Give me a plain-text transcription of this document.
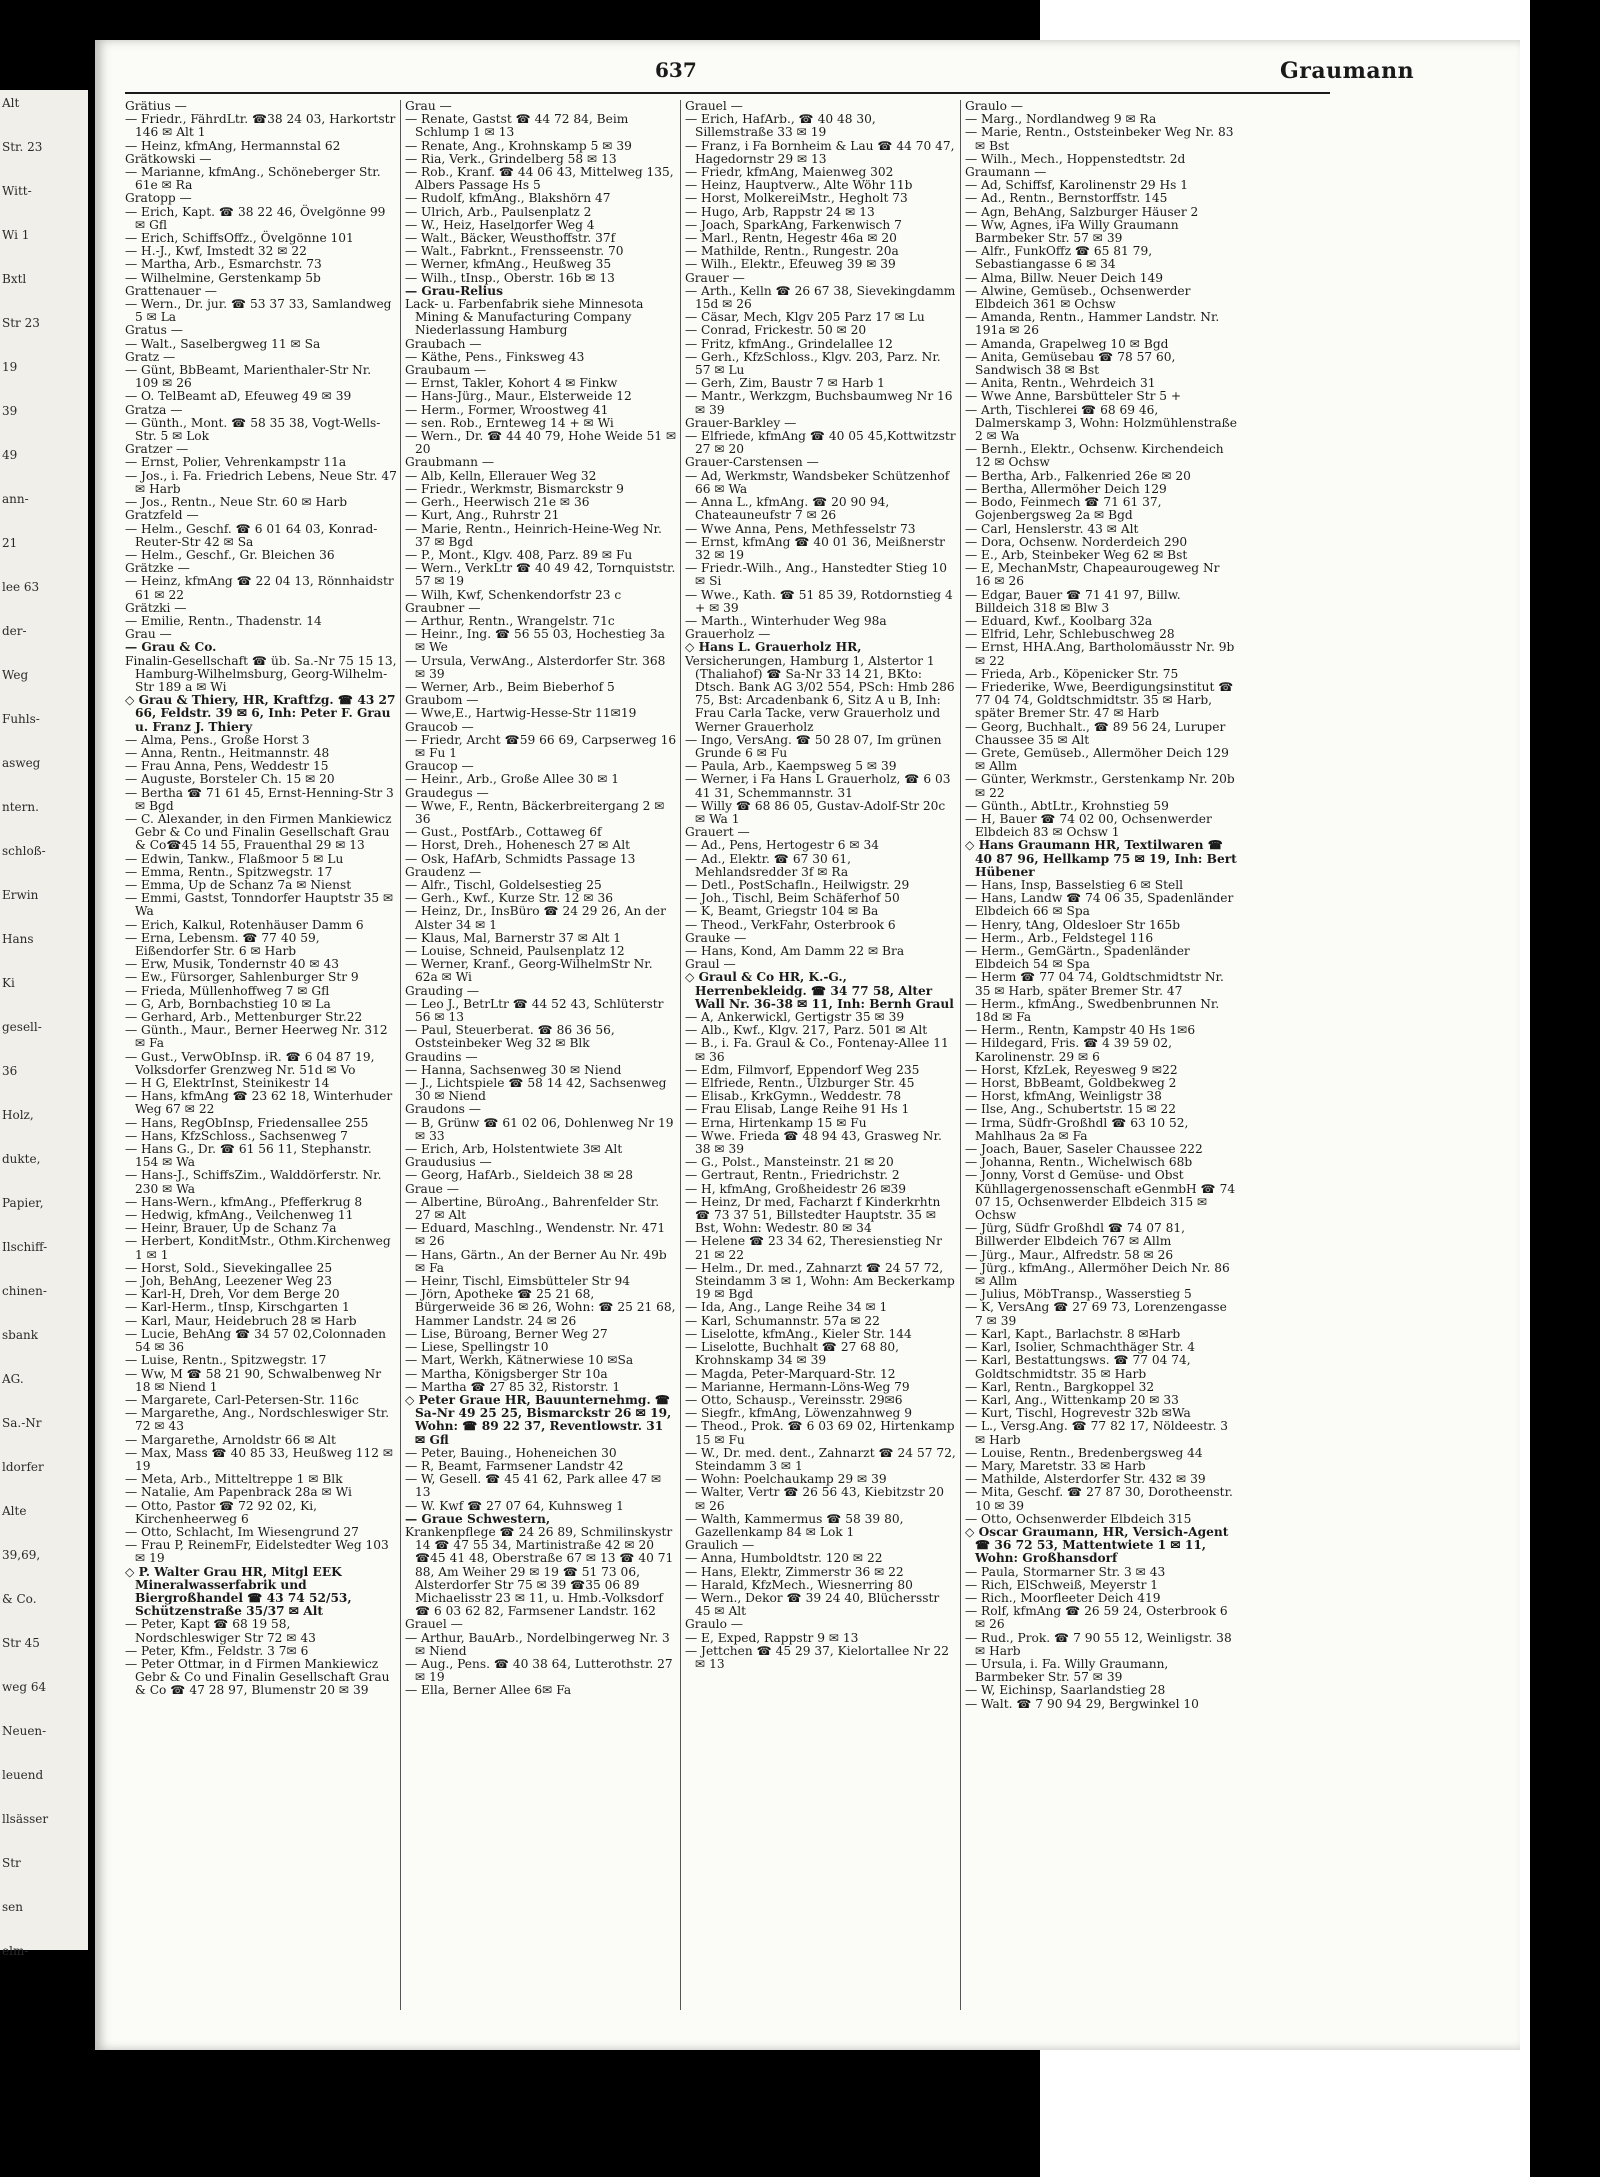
Alt
Str. 23
Witt-
Wi 1
Bxtl
Str 23
19
39
49
ann-
21
lee 63
der-
Weg
Fuhls-
asweg
ntern.
schloß-
Erwin
Hans
Ki
gesell-
36
Holz,
dukte,
Papier,
Ilschiff-
chinen-
sbank
AG.
Sa.-Nr
ldorfer
Alte
39,69,
& Co.
Str 45
weg 64
Neuen-
leuend
llsässer
Str
sen
elm-
637	Graumann

Grätius —

— Friedr., FährdLtr. ☎38 24 03, Harkortstr 146 ✉ Alt 1

— Heinz, kfmAng, Hermannstal 62

Grätkowski —

— Marianne, kfmAng., Schöneberger Str. 61e ✉ Ra

Gratopp —

— Erich, Kapt. ☎ 38 22 46, Övelgönne 99 ✉ Gfl

— Erich, SchiffsOffz., Övelgönne 101

— H.-J., Kwf, Imstedt 32 ✉ 22

— Martha, Arb., Esmarchstr. 73

— Wilhelmine, Gerstenkamp 5b

Grattenauer —

— Wern., Dr. jur. ☎ 53 37 33, Samlandweg 5 ✉ La

Gratus —

— Walt., Saselbergweg 11 ✉ Sa

Gratz —

— Günt, BbBeamt, Marienthaler-Str Nr. 109 ✉ 26

— O. TelBeamt aD, Efeuweg 49 ✉ 39

Gratza —

— Günth., Mont. ☎ 58 35 38, Vogt-Wells-Str. 5 ✉ Lok

Gratzer —

— Ernst, Polier, Vehrenkampstr 11a

— Jos., i. Fa. Friedrich Lebens, Neue Str. 47 ✉ Harb

— Jos., Rentn., Neue Str. 60 ✉ Harb

Gratzfeld —

— Helm., Geschf. ☎ 6 01 64 03, Konrad-Reuter-Str 42 ✉ Sa

— Helm., Geschf., Gr. Bleichen 36

Grätzke —

— Heinz, kfmAng ☎ 22 04 13, Rönnhaidstr 61 ✉ 22

Grätzki —

— Emilie, Rentn., Thadenstr. 14

Grau —

— Grau & Co.

Finalin-Gesellschaft ☎ üb. Sa.-Nr 75 15 13, Hamburg-Wilhelmsburg, Georg-Wilhelm-Str 189 a ✉ Wi

◇ Grau & Thiery, HR, Kraftfzg. ☎ 43 27 66, Feldstr. 39 ✉ 6, Inh: Peter F. Grau u. Franz J. Thiery

— Alma, Pens., Große Horst 3

— Anna, Rentn., Heitmannstr. 48

— Frau Anna, Pens, Weddestr 15

— Auguste, Borsteler Ch. 15 ✉ 20

— Bertha ☎ 71 61 45, Ernst-Henning-Str 3 ✉ Bgd

— C. Alexander, in den Firmen Mankiewicz Gebr & Co und Finalin Gesellschaft Grau & Co☎45 14 55, Frauenthal 29 ✉ 13

— Edwin, Tankw., Flaßmoor 5 ✉ Lu

— Emma, Rentn., Spitzwegstr. 17

— Emma, Up de Schanz 7a ✉ Nienst

— Emmi, Gastst, Tonndorfer Hauptstr 35 ✉ Wa

— Erich, Kalkul, Rotenhäuser Damm 6

— Erna, Lebensm. ☎ 77 40 59, Eißendorfer Str. 6 ✉ Harb

— Erw, Musik, Tondernstr 40 ✉ 43

— Ew., Fürsorger, Sahlenburger Str 9

— Frieda, Müllenhoffweg 7 ✉ Gfl

— G, Arb, Bornbachstieg 10 ✉ La

— Gerhard, Arb., Mettenburger Str.22

— Günth., Maur., Berner Heerweg Nr. 312 ✉ Fa

— Gust., VerwObInsp. iR. ☎ 6 04 87 19, Volksdorfer Grenzweg Nr. 51d ✉ Vo

— H G, ElektrInst, Steinikestr 14

— Hans, kfmAng ☎ 23 62 18, Winterhuder Weg 67 ✉ 22

— Hans, RegObInsp, Friedensallee 255

— Hans, KfzSchloss., Sachsenweg 7

— Hans G., Dr. ☎ 61 56 11, Stephanstr. 154 ✉ Wa

— Hans-J., SchiffsZim., Walddörferstr. Nr. 230 ✉ Wa

— Hans-Wern., kfmAng., Pfefferkrug 8

— Hedwig, kfmAng., Veilchenweg 11

— Heinr, Brauer, Up de Schanz 7a

— Herbert, KonditMstr., Othm.Kirchenweg 1 ✉ 1

— Horst, Sold., Sievekingallee 25

— Joh, BehAng, Leezener Weg 23

— Karl-H, Dreh, Vor dem Berge 20

— Karl-Herm., tInsp, Kirschgarten 1

— Karl, Maur, Heidebruch 28 ✉ Harb

— Lucie, BehAng ☎ 34 57 02,Colonnaden 54 ✉ 36

— Luise, Rentn., Spitzwegstr. 17

— Ww, M ☎ 58 21 90, Schwalbenweg Nr 18 ✉ Niend 1

— Margarete, Carl-Petersen-Str. 116c

— Margarethe, Ang., Nordschleswiger Str. 72 ✉ 43

— Margarethe, Arnoldstr 66 ✉ Alt

— Max, Mass ☎ 40 85 33, Heußweg 112 ✉ 19

— Meta, Arb., Mitteltreppe 1 ✉ Blk

— Natalie, Am Papenbrack 28a ✉ Wi

— Otto, Pastor ☎ 72 92 02, Ki, Kirchenheerweg 6

— Otto, Schlacht, Im Wiesengrund 27

— Frau P, ReinemFr, Eidelstedter Weg 103 ✉ 19

◇ P. Walter Grau HR, Mitgl EEK Mineralwasserfabrik und Biergroßhandel ☎ 43 74 52/53, Schützenstraße 35/37 ✉ Alt

— Peter, Kapt ☎ 68 19 58, Nordschleswiger Str 72 ✉ 43

— Peter, Kfm., Feldstr. 3 7✉ 6

— Peter Ottmar, in d Firmen Mankiewicz Gebr & Co und Finalin Gesellschaft Grau & Co ☎ 47 28 97, Blumenstr 20 ✉ 39

Grau —

— Renate, Gastst ☎ 44 72 84, Beim Schlump 1 ✉ 13

— Renate, Ang., Krohnskamp 5 ✉ 39

— Ria, Verk., Grindelberg 58 ✉ 13

— Rob., Kranf. ☎ 44 06 43, Mittelweg 135, Albers Passage Hs 5

— Rudolf, kfmAng., Blakshörn 47

— Ulrich, Arb., Paulsenplatz 2

— W., Heiz, Haselдorfer Weg 4

— Walt., Bäcker, Weusthoffstr. 37f

— Walt., Fabrknt., Frensseenstr. 70

— Werner, kfmAng., Heußweg 35

— Wilh., tInsp., Oberstr. 16b ✉ 13

— Grau-Relius

Lack- u. Farbenfabrik siehe Minnesota Mining & Manufacturing Company Niederlassung Hamburg

Graubach —

— Käthe, Pens., Finksweg 43

Graubaum —

— Ernst, Takler, Kohort 4 ✉ Finkw

— Hans-Jürg., Maur., Elsterweide 12

— Herm., Former, Wroostweg 41

— sen. Rob., Ernteweg 14 + ✉ Wi

— Wern., Dr. ☎ 44 40 79, Hohe Weide 51 ✉ 20

Graubmann —

— Alb, Kelln, Ellerauer Weg 32

— Friedr., Werkmstr, Bismarckstr 9

— Gerh., Heerwisch 21e ✉ 36

— Kurt, Ang., Ruhrstr 21

— Marie, Rentn., Heinrich-Heine-Weg Nr. 37 ✉ Bgd

— P., Mont., Klgv. 408, Parz. 89 ✉ Fu

— Wern., VerkLtr ☎ 40 49 42, Tornquiststr. 57 ✉ 19

— Wilh, Kwf, Schenkendorfstr 23 c

Graubner —

— Arthur, Rentn., Wrangelstr. 71c

— Heinr., Ing. ☎ 56 55 03, Hochestieg 3a ✉ We

— Ursula, VerwAng., Alsterdorfer Str. 368 ✉ 39

— Werner, Arb., Beim Bieberhof 5

Graubom —

— Wwe,E., Hartwig-Hesse-Str 11✉19

Graucob —

— Friedr, Archt ☎59 66 69, Carpserweg 16 ✉ Fu 1

Graucop —

— Heinr., Arb., Große Allee 30 ✉ 1

Graudegus —

— Wwe, F., Rentn, Bäckerbreitergang 2 ✉ 36

— Gust., PostfArb., Cottaweg 6f

— Horst, Dreh., Hohenesch 27 ✉ Alt

— Osk, HafArb, Schmidts Passage 13

Graudenz —

— Alfr., Tischl, Goldelsestieg 25

— Gerh., Kwf., Kurze Str. 12 ✉ 36

— Heinz, Dr., InsBüro ☎ 24 29 26, An der Alster 34 ✉ 1

— Klaus, Mal, Barnerstr 37 ✉ Alt 1

— Louise, Schneid, Paulsenplatz 12

— Werner, Kranf., Georg-WilhelmStr Nr. 62a ✉ Wi

Grauding —

— Leo J., BetrLtr ☎ 44 52 43, Schlüterstr 56 ✉ 13

— Paul, Steuerberat. ☎ 86 36 56, Oststeinbeker Weg 32 ✉ Blk

Graudins —

— Hanna, Sachsenweg 30 ✉ Niend

— J., Lichtspiele ☎ 58 14 42, Sachsenweg 30 ✉ Niend

Graudons —

— B, Grünw ☎ 61 02 06, Dohlenweg Nr 19 ✉ 33

— Erich, Arb, Holstentwiete 3✉ Alt

Graudusius —

— Georg, HafArb., Sieldeich 38 ✉ 28

Graue —

— Albertine, BüroAng., Bahrenfelder Str. 27 ✉ Alt

— Eduard, Maschlng., Wendenstr. Nr. 471 ✉ 26

— Hans, Gärtn., An der Berner Au Nr. 49b ✉ Fa

— Heinr, Tischl, Eimsbütteler Str 94

— Jörn, Apotheke ☎ 25 21 68, Bürgerweide 36 ✉ 26, Wohn: ☎ 25 21 68, Hammer Landstr. 24 ✉ 26

— Lise, Büroang, Berner Weg 27

— Liese, Spellingstr 10

— Mart, Werkh, Kätnerwiese 10 ✉Sa

— Martha, Königsberger Str 10a

— Martha ☎ 27 85 32, Ristorstr. 1

◇ Peter Graue HR, Bauunternehmg. ☎ Sa-Nr 49 25 25, Bismarckstr 26 ✉ 19, Wohn: ☎ 89 22 37, Reventlowstr. 31 ✉ Gfl

— Peter, Bauing., Hoheneichen 30

— R, Beamt, Farmsener Landstr 42

— W, Gesell. ☎ 45 41 62, Park allee 47 ✉ 13

— W. Kwf ☎ 27 07 64, Kuhnsweg 1

— Graue Schwestern,

Krankenpflege ☎ 24 26 89, Schmilinskystr 14 ☎ 47 55 34, Martinistraße 42 ✉ 20 ☎45 41 48, Oberstraße 67 ✉ 13 ☎ 40 71 88, Am Weiher 29 ✉ 19 ☎ 51 73 06, Alsterdorfer Str 75 ✉ 39 ☎35 06 89 Michaelisstr 23 ✉ 11, u. Hmb.-Volksdorf ☎ 6 03 62 82, Farmsener Landstr. 162

Grauel —

— Arthur, BauArb., Nordelbingerweg Nr. 3 ✉ Niend

— Aug., Pens. ☎ 40 38 64, Lutterothstr. 27 ✉ 19

— Ella, Berner Allee 6✉ Fa

Grauel —

— Erich, HafArb., ☎ 40 48 30, Sillemstraße 33 ✉ 19

— Franz, i Fa Bornheim & Lau ☎ 44 70 47, Hagedornstr 29 ✉ 13

— Friedr, kfmAng, Maienweg 302

— Heinz, Hauptverw., Alte Wöhr 11b

— Horst, MolkereiMstr., Hegholt 73

— Hugo, Arb, Rappstr 24 ✉ 13

— Joach, SparkAng, Farkenwisch 7

— Marl., Rentn, Hegestr 46a ✉ 20

— Mathilde, Rentn., Rungestr. 20a

— Wilh., Elektr., Efeuweg 39 ✉ 39

Grauer —

— Arth., Kelln ☎ 26 67 38, Sievekingdamm 15d ✉ 26

— Cäsar, Mech, Klgv 205 Parz 17 ✉ Lu

— Conrad, Frickestr. 50 ✉ 20

— Fritz, kfmAng., Grindelallee 12

— Gerh., KfzSchloss., Klgv. 203, Parz. Nr. 57 ✉ Lu

— Gerh, Zim, Baustr 7 ✉ Harb 1

— Mantr., Werkzgm, Buchsbaumweg Nr 16 ✉ 39

Grauer-Barkley —

— Elfriede, kfmAng ☎ 40 05 45,Kottwitzstr 27 ✉ 20

Grauer-Carstensen —

— Ad, Werkmstr, Wandsbeker Schützenhof 66 ✉ Wa

— Anna L., kfmAng. ☎ 20 90 94, Chateauneufstr 7 ✉ 26

— Wwe Anna, Pens, Methfesselstr 73

— Ernst, kfmAng ☎ 40 01 36, Meißnerstr 32 ✉ 19

— Friedr.-Wilh., Ang., Hanstedter Stieg 10 ✉ Si

— Wwe., Kath. ☎ 51 85 39, Rotdornstieg 4 + ✉ 39

— Marth., Winterhuder Weg 98a

Grauerholz —

◇ Hans L. Grauerholz HR,

Versicherungen, Hamburg 1, Alstertor 1 (Thaliahof) ☎ Sa-Nr 33 14 21, BKto: Dtsch. Bank AG 3/02 554, PSch: Hmb 286 75, Bst: Arcadenbank 6, Sitz A u B, Inh: Frau Carla Tacke, verw Grauerholz und Werner Grauerholz

— Ingo, VersAng. ☎ 50 28 07, Im grünen Grunde 6 ✉ Fu

— Paula, Arb., Kaempsweg 5 ✉ 39

— Werner, i Fa Hans L Grauerholz, ☎ 6 03 41 31, Schemmannstr. 31

— Willy ☎ 68 86 05, Gustav-Adolf-Str 20c ✉ Wa 1

Grauert —

— Ad., Pens, Hertogestr 6 ✉ 34

— Ad., Elektr. ☎ 67 30 61, Mehlandsredder 3f ✉ Ra

— Detl., PostSchafln., Heilwigstr. 29

— Joh., Tischl, Beim Schäferhof 50

— K, Beamt, Griegstr 104 ✉ Ba

— Theod., VerkFahr, Osterbrook 6

Grauke —

— Hans, Kond, Am Damm 22 ✉ Bra

Graul —

◇ Graul & Co HR, K.-G., Herrenbekleidg. ☎ 34 77 58, Alter Wall Nr. 36-38 ✉ 11, Inh: Bernh Graul

— A, Ankerwickl, Gertigstr 35 ✉ 39

— Alb., Kwf., Klgv. 217, Parz. 501 ✉ Alt

— B., i. Fa. Graul & Co., Fontenay-Allee 11 ✉ 36

— Edm, Filmvorf, Eppendorf Weg 235

— Elfriede, Rentn., Ulzburger Str. 45

— Elisab., KrkGymn., Weddestr. 78

— Frau Elisab, Lange Reihe 91 Hs 1

— Erna, Hirtenkamp 15 ✉ Fu

— Wwe. Frieda ☎ 48 94 43, Grasweg Nr. 38 ✉ 39

— G., Polst., Mansteinstr. 21 ✉ 20

— Gertraut, Rentn., Friedrichstr. 2

— H, kfmAng, Großheidestr 26 ✉39

— Heinz, Dr med, Facharzt f Kinderkrhtn ☎ 73 37 51, Billstedter Hauptstr. 35 ✉ Bst, Wohn: Wedestr. 80 ✉ 34

— Helene ☎ 23 34 62, Theresienstieg Nr 21 ✉ 22

— Helm., Dr. med., Zahnarzt ☎ 24 57 72, Steindamm 3 ✉ 1, Wohn: Am Beckerkamp 19 ✉ Bgd

— Ida, Ang., Lange Reihe 34 ✉ 1

— Karl, Schumannstr. 57a ✉ 22

— Liselotte, kfmAng., Kieler Str. 144

— Liselotte, Buchhalt ☎ 27 68 80, Krohnskamp 34 ✉ 39

— Magda, Peter-Marquard-Str. 12

— Marianne, Hermann-Löns-Weg 79

— Otto, Schausp., Vereinsstr. 29✉6

— Siegfr., kfmAng, Löwenzahnweg 9

— Theod., Prok. ☎ 6 03 69 02, Hirtenkamp 15 ✉ Fu

— W., Dr. med. dent., Zahnarzt ☎ 24 57 72, Steindamm 3 ✉ 1

— Wohn: Poelchaukamp 29 ✉ 39

— Walter, Vertr ☎ 26 56 43, Kiebitzstr 20 ✉ 26

— Walth, Kammermus ☎ 58 39 80, Gazellenkamp 84 ✉ Lok 1

Graulich —

— Anna, Humboldtstr. 120 ✉ 22

— Hans, Elektr, Zimmerstr 36 ✉ 22

— Harald, KfzMech., Wiesnerring 80

— Wern., Dekor ☎ 39 24 40, Blüchersstr 45 ✉ Alt

Graulo —

— E, Exped, Rappstr 9 ✉ 13

— Jettchen ☎ 45 29 37, Kielortallee Nr 22 ✉ 13

Graulo —

— Marg., Nordlandweg 9 ✉ Ra

— Marie, Rentn., Oststeinbeker Weg Nr. 83 ✉ Bst

— Wilh., Mech., Hoppenstedtstr. 2d

Graumann —

— Ad, Schiffsf, Karolinenstr 29 Hs 1

— Ad., Rentn., Bernstorffstr. 145

— Agn, BehAng, Salzburger Häuser 2

— Ww, Agnes, iFa Willy Graumann Barmbeker Str. 57 ✉ 39

— Alfr., FunkOffz ☎ 65 81 79, Sebastiangasse 6 ✉ 34

— Alma, Billw. Neuer Deich 149

— Alwine, Gemüseb., Ochsenwerder Elbdeich 361 ✉ Ochsw

— Amanda, Rentn., Hammer Landstr. Nr. 191a ✉ 26

— Amanda, Grapelweg 10 ✉ Bgd

— Anita, Gemüsebau ☎ 78 57 60, Sandwisch 38 ✉ Bst

— Anita, Rentn., Wehrdeich 31

— Wwe Anne, Barsbütteler Str 5 +

— Arth, Tischlerei ☎ 68 69 46, Dalmerskamp 3, Wohn: Holzmühlenstraße 2 ✉ Wa

— Bernh., Elektr., Ochsenw. Kirchendeich 12 ✉ Ochsw

— Bertha, Arb., Falkenried 26e ✉ 20

— Bertha, Allermöher Deich 129

— Bodo, Feinmech ☎ 71 61 37, Gojenbergsweg 2a ✉ Bgd

— Carl, Henslerstr. 43 ✉ Alt

— Dora, Ochsenw. Norderdeich 290

— E., Arb, Steinbeker Weg 62 ✉ Bst

— E, MechanMstr, Chapeaurougeweg Nr 16 ✉ 26

— Edgar, Bauer ☎ 71 41 97, Billw. Billdeich 318 ✉ Blw 3

— Eduard, Kwf., Koolbarg 32a

— Elfrid, Lehr, Schlebuschweg 28

— Ernst, HHA.Ang, Bartholomäusstr Nr. 9b ✉ 22

— Frieda, Arb., Köpenicker Str. 75

— Friederike, Wwe, Beerdigungsinstitut ☎ 77 04 74, Goldtschmidtstr. 35 ✉ Harb, später Bremer Str. 47 ✉ Harb

— Georg, Buchhalt., ☎ 89 56 24, Luruper Chaussee 35 ✉ Alt

— Grete, Gemüseb., Allermöher Deich 129 ✉ Allm

— Günter, Werkmstr., Gerstenkamp Nr. 20b ✉ 22

— Günth., AbtLtr., Krohnstieg 59

— H, Bauer ☎ 74 02 00, Ochsenwerder Elbdeich 83 ✉ Ochsw 1

◇ Hans Graumann HR, Textilwaren ☎ 40 87 96, Hellkamp 75 ✉ 19, Inh: Bert Hübener

— Hans, Insp, Basselstieg 6 ✉ Stell

— Hans, Landw ☎ 74 06 35, Spadenländer Elbdeich 66 ✉ Spa

— Henry, tAng, Oldesloer Str 165b

— Herm., Arb., Feldstegel 116

— Herm., GemGärtn., Spadenländer Elbdeich 54 ✉ Spa

— Herm ☎ 77 04 74, Goldtschmidtstr Nr. 35 ✉ Harb, später Bremer Str. 47

— Herm., kfmAng., Swedbenbrunnen Nr. 18d ✉ Fa

— Herm., Rentn, Kampstr 40 Hs 1✉6

— Hildegard, Fris. ☎ 4 39 59 02, Karolinenstr. 29 ✉ 6

— Horst, KfzLek, Reyesweg 9 ✉22

— Horst, BbBeamt, Goldbekweg 2

— Horst, kfmAng, Weinligstr 38

— Ilse, Ang., Schubertstr. 15 ✉ 22

— Irma, Südfr-Großhdl ☎ 63 10 52, Mahlhaus 2a ✉ Fa

— Joach, Bauer, Saseler Chaussee 222

— Johanna, Rentn., Wichelwisch 68b

— Jonny, Vorst d Gemüse- und Obst Kühllagergenossenschaft eGenmbH ☎ 74 07 15, Ochsenwerder Elbdeich 315 ✉ Ochsw

— Jürg, Südfr Großhdl ☎ 74 07 81, Billwerder Elbdeich 767 ✉ Allm

— Jürg., Maur., Alfredstr. 58 ✉ 26

— Jürg., kfmAng., Allermöher Deich Nr. 86 ✉ Allm

— Julius, MöbTransp., Wasserstieg 5

— K, VersAng ☎ 27 69 73, Lorenzengasse 7 ✉ 39

— Karl, Kapt., Barlachstr. 8 ✉Harb

— Karl, Isolier, Schmachthäger Str. 4

— Karl, Bestattungsws. ☎ 77 04 74, Goldtschmidtstr. 35 ✉ Harb

— Karl, Rentn., Bargkoppel 32

— Karl, Ang., Wittenkamp 20 ✉ 33

— Kurt, Tischl, Hogrevestr 32b ✉Wa

— L., Versg.Ang. ☎ 77 82 17, Nöldeestr. 3 ✉ Harb

— Louise, Rentn., Bredenbergsweg 44

— Mary, Maretstr. 33 ✉ Harb

— Mathilde, Alsterdorfer Str. 432 ✉ 39

— Mita, Geschf. ☎ 27 87 30, Dorotheenstr. 10 ✉ 39

— Otto, Ochsenwerder Elbdeich 315

◇ Oscar Graumann, HR, Versich-Agent ☎ 36 72 53, Mattentwiete 1 ✉ 11, Wohn: Großhansdorf

— Paula, Stormarner Str. 3 ✉ 43

— Rich, ElSchweiß, Meyerstr 1

— Rich., Moorfleeter Deich 419

— Rolf, kfmAng ☎ 26 59 24, Osterbrook 6 ✉ 26

— Rud., Prok. ☎ 7 90 55 12, Weinligstr. 38 ✉ Harb

— Ursula, i. Fa. Willy Graumann, Barmbeker Str. 57 ✉ 39

— W, Eichinsp, Saarlandstieg 28

— Walt. ☎ 7 90 94 29, Bergwinkel 10
